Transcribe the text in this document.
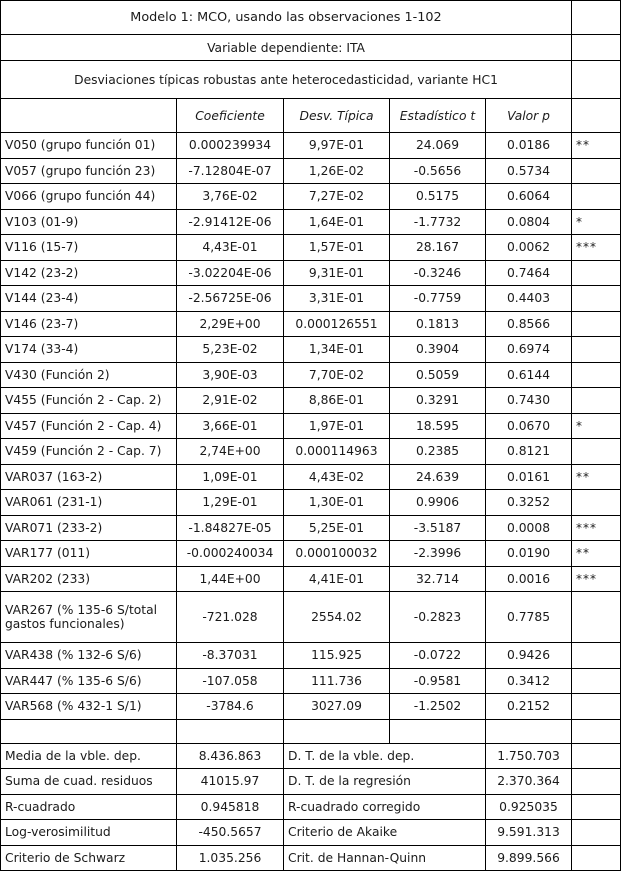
Modelo 1: MCO, usando las observaciones 1-102					
Variable dependiente: ITA					
Desviaciones típicas robustas ante heterocedasticidad, variante HC1					
	Coeficiente	Desv. Típica	Estadístico t	Valor p	
V050 (grupo función 01)	0.000239934	9,97E-01	24.069	0.0186	**
V057 (grupo función 23)	-7.12804E-07	1,26E-02	-0.5656	0.5734	
V066 (grupo función 44)	3,76E-02	7,27E-02	0.5175	0.6064	
V103 (01-9)	-2.91412E-06	1,64E-01	-1.7732	0.0804	*
V116 (15-7)	4,43E-01	1,57E-01	28.167	0.0062	***
V142 (23-2)	-3.02204E-06	9,31E-01	-0.3246	0.7464	
V144 (23-4)	-2.56725E-06	3,31E-01	-0.7759	0.4403	
V146 (23-7)	2,29E+00	0.000126551	0.1813	0.8566	
V174 (33-4)	5,23E-02	1,34E-01	0.3904	0.6974	
V430 (Función 2)	3,90E-03	7,70E-02	0.5059	0.6144	
V455 (Función 2 - Cap. 2)	2,91E-02	8,86E-01	0.3291	0.7430	
V457 (Función 2 - Cap. 4)	3,66E-01	1,97E-01	18.595	0.0670	*
V459 (Función 2 - Cap. 7)	2,74E+00	0.000114963	0.2385	0.8121	
VAR037 (163-2)	1,09E-01	4,43E-02	24.639	0.0161	**
VAR061 (231-1)	1,29E-01	1,30E-01	0.9906	0.3252	
VAR071 (233-2)	-1.84827E-05	5,25E-01	-3.5187	0.0008	***
VAR177 (011)	-0.000240034	0.000100032	-2.3996	0.0190	**
VAR202 (233)	1,44E+00	4,41E-01	32.714	0.0016	***
VAR267 (% 135-6 S/total gastos funcionales)	-721.028	2554.02	-0.2823	0.7785	
VAR438 (% 132-6 S/6)	-8.37031	115.925	-0.0722	0.9426	
VAR447 (% 135-6 S/6)	-107.058	111.736	-0.9581	0.3412	
VAR568 (% 432-1 S/1)	-3784.6	3027.09	-1.2502	0.2152	

Media de la vble. dep.	8.436.863	D. T. de la vble. dep.		1.750.703	
Suma de cuad. residuos	41015.97	D. T. de la regresión		2.370.364	
R-cuadrado	0.945818	R-cuadrado corregido		0.925035	
Log-verosimilitud	-450.5657	Criterio de Akaike		9.591.313	
Criterio de Schwarz	1.035.256	Crit. de Hannan-Quinn		9.899.566	
